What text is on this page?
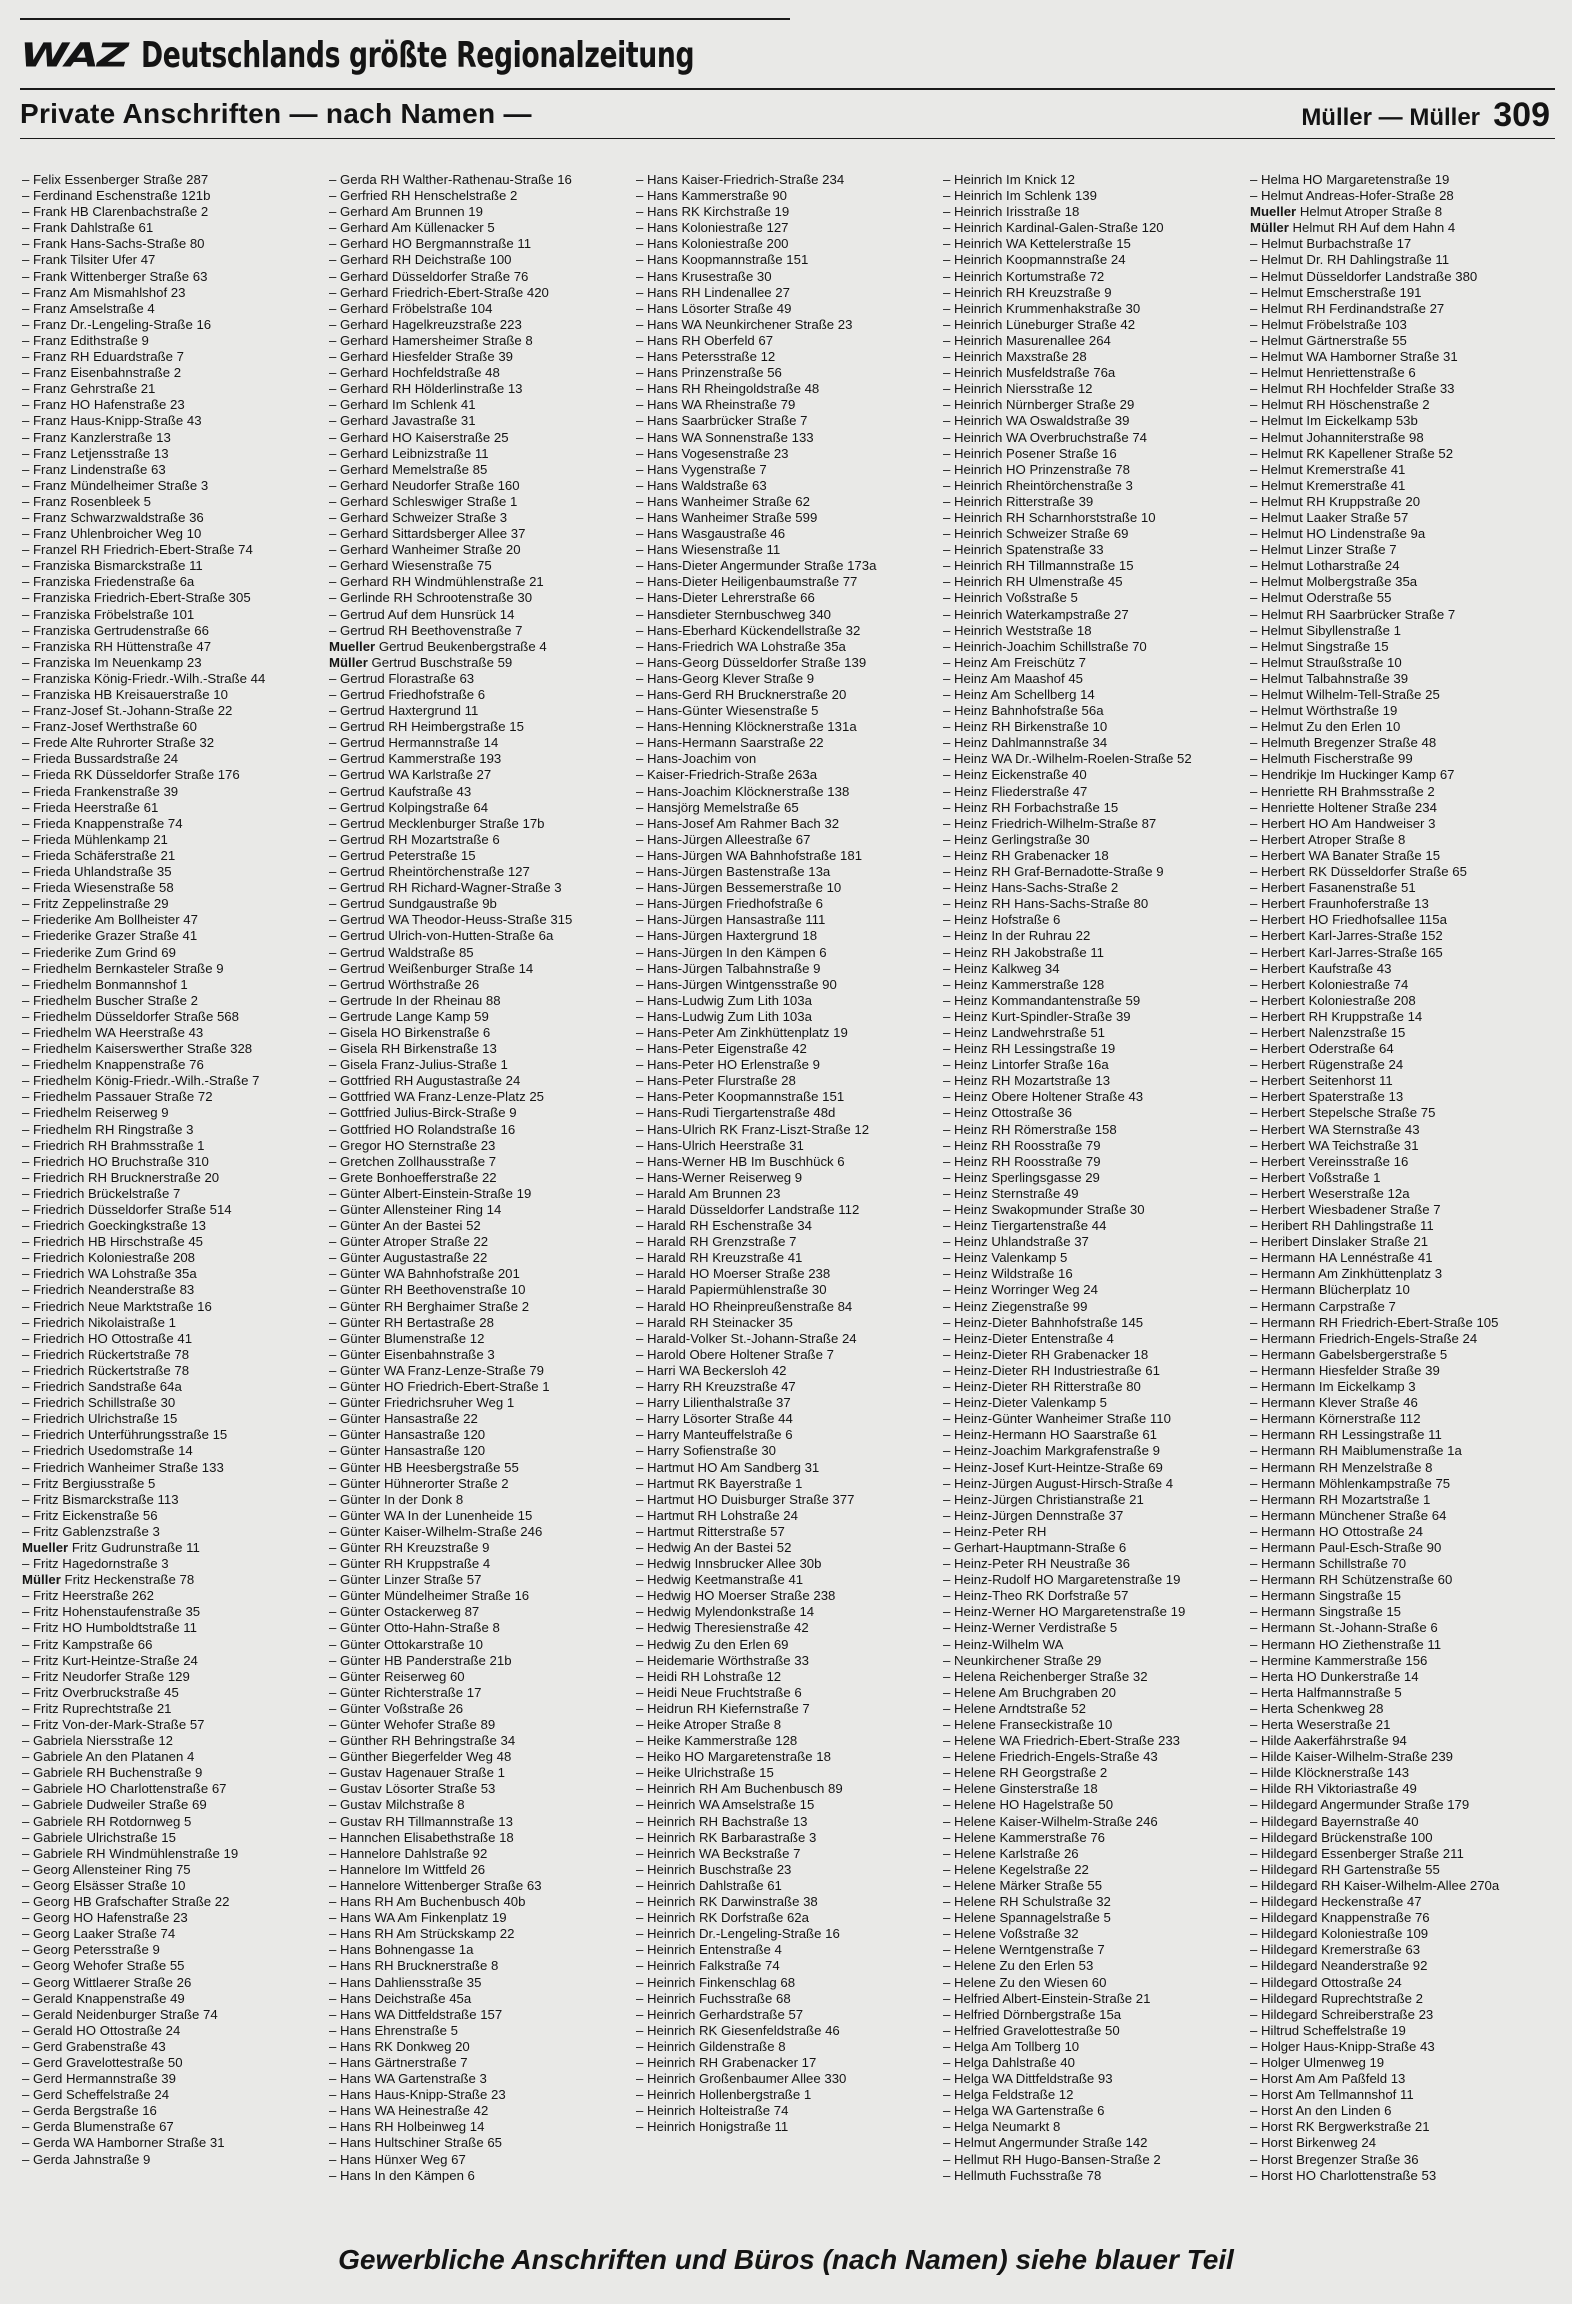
WAZ Deutschlands größte Regionalzeitung
Private Anschriften — nach Namen —	Müller — Müller 309
– Felix Essenberger Straße 287
– Ferdinand Eschenstraße 121b
– Frank HB Clarenbachstraße 2
– Frank Dahlstraße 61
– Frank Hans-Sachs-Straße 80
– Frank Tilsiter Ufer 47
– Frank Wittenberger Straße 63
– Franz Am Mismahlshof 23
– Franz Amselstraße 4
– Franz Dr.-Lengeling-Straße 16
– Franz Edithstraße 9
– Franz RH Eduardstraße 7
– Franz Eisenbahnstraße 2
– Franz Gehrstraße 21
– Franz HO Hafenstraße 23
– Franz Haus-Knipp-Straße 43
– Franz Kanzlerstraße 13
– Franz Letjensstraße 13
– Franz Lindenstraße 63
– Franz Mündelheimer Straße 3
– Franz Rosenbleek 5
– Franz Schwarzwaldstraße 36
– Franz Uhlenbroicher Weg 10
– Franzel RH Friedrich-Ebert-Straße 74
– Franziska Bismarckstraße 11
– Franziska Friedenstraße 6a
– Franziska Friedrich-Ebert-Straße 305
– Franziska Fröbelstraße 101
– Franziska Gertrudenstraße 66
– Franziska RH Hüttenstraße 47
– Franziska Im Neuenkamp 23
– Franziska König-Friedr.-Wilh.-Straße 44
– Franziska HB Kreisauerstraße 10
– Franz-Josef St.-Johann-Straße 22
– Franz-Josef Werthstraße 60
– Frede Alte Ruhrorter Straße 32
– Frieda Bussardstraße 24
– Frieda RK Düsseldorfer Straße 176
– Frieda Frankenstraße 39
– Frieda Heerstraße 61
– Frieda Knappenstraße 74
– Frieda Mühlenkamp 21
– Frieda Schäferstraße 21
– Frieda Uhlandstraße 35
– Frieda Wiesenstraße 58
– Fritz Zeppelinstraße 29
– Friederike Am Bollheister 47
– Friederike Grazer Straße 41
– Friederike Zum Grind 69
– Friedhelm Bernkasteler Straße 9
– Friedhelm Bonmannshof 1
– Friedhelm Buscher Straße 2
– Friedhelm Düsseldorfer Straße 568
– Friedhelm WA Heerstraße 43
– Friedhelm Kaiserswerther Straße 328
– Friedhelm Knappenstraße 76
– Friedhelm König-Friedr.-Wilh.-Straße 7
– Friedhelm Passauer Straße 72
– Friedhelm Reiserweg 9
– Friedhelm RH Ringstraße 3
– Friedrich RH Brahmsstraße 1
– Friedrich HO Bruchstraße 310
– Friedrich RH Brucknerstraße 20
– Friedrich Brückelstraße 7
– Friedrich Düsseldorfer Straße 514
– Friedrich Goeckingkstraße 13
– Friedrich HB Hirschstraße 45
– Friedrich Koloniestraße 208
– Friedrich WA Lohstraße 35a
– Friedrich Neanderstraße 83
– Friedrich Neue Marktstraße 16
– Friedrich Nikolaistraße 1
– Friedrich HO Ottostraße 41
– Friedrich Rückertstraße 78
– Friedrich Rückertstraße 78
– Friedrich Sandstraße 64a
– Friedrich Schillstraße 30
– Friedrich Ulrichstraße 15
– Friedrich Unterführungsstraße 15
– Friedrich Usedomstraße 14
– Friedrich Wanheimer Straße 133
– Fritz Bergiusstraße 5
– Fritz Bismarckstraße 113
– Fritz Eickenstraße 56
– Fritz Gablenzstraße 3
Mueller Fritz Gudrunstraße 11
– Fritz Hagedornstraße 3
Müller Fritz Heckenstraße 78
– Fritz Heerstraße 262
– Fritz Hohenstaufenstraße 35
– Fritz HO Humboldtstraße 11
– Fritz Kampstraße 66
– Fritz Kurt-Heintze-Straße 24
– Fritz Neudorfer Straße 129
– Fritz Overbruckstraße 45
– Fritz Ruprechtstraße 21
– Fritz Von-der-Mark-Straße 57
– Gabriela Niersstraße 12
– Gabriele An den Platanen 4
– Gabriele RH Buchenstraße 9
– Gabriele HO Charlottenstraße 67
– Gabriele Dudweiler Straße 69
– Gabriele RH Rotdornweg 5
– Gabriele Ulrichstraße 15
– Gabriele RH Windmühlenstraße 19
– Georg Allensteiner Ring 75
– Georg Elsässer Straße 10
– Georg HB Grafschafter Straße 22
– Georg HO Hafenstraße 23
– Georg Laaker Straße 74
– Georg Petersstraße 9
– Georg Wehofer Straße 55
– Georg Wittlaerer Straße 26
– Gerald Knappenstraße 49
– Gerald Neidenburger Straße 74
– Gerald HO Ottostraße 24
– Gerd Grabenstraße 43
– Gerd Gravelottestraße 50
– Gerd Hermannstraße 39
– Gerd Scheffelstraße 24
– Gerda Bergstraße 16
– Gerda Blumenstraße 67
– Gerda WA Hamborner Straße 31
– Gerda Jahnstraße 9
– Gerda RH Walther-Rathenau-Straße 16
– Gerfried RH Henschelstraße 2
– Gerhard Am Brunnen 19
– Gerhard Am Küllenacker 5
– Gerhard HO Bergmannstraße 11
– Gerhard RH Deichstraße 100
– Gerhard Düsseldorfer Straße 76
– Gerhard Friedrich-Ebert-Straße 420
– Gerhard Fröbelstraße 104
– Gerhard Hagelkreuzstraße 223
– Gerhard Hamersheimer Straße 8
– Gerhard Hiesfelder Straße 39
– Gerhard Hochfeldstraße 48
– Gerhard RH Hölderlinstraße 13
– Gerhard Im Schlenk 41
– Gerhard Javastraße 31
– Gerhard HO Kaiserstraße 25
– Gerhard Leibnizstraße 11
– Gerhard Memelstraße 85
– Gerhard Neudorfer Straße 160
– Gerhard Schleswiger Straße 1
– Gerhard Schweizer Straße 3
– Gerhard Sittardsberger Allee 37
– Gerhard Wanheimer Straße 20
– Gerhard Wiesenstraße 75
– Gerhard RH Windmühlenstraße 21
– Gerlinde RH Schrootenstraße 30
– Gertrud Auf dem Hunsrück 14
– Gertrud RH Beethovenstraße 7
Mueller Gertrud Beukenbergstraße 4
Müller Gertrud Buschstraße 59
– Gertrud Florastraße 63
– Gertrud Friedhofstraße 6
– Gertrud Haxtergrund 11
– Gertrud RH Heimbergstraße 15
– Gertrud Hermannstraße 14
– Gertrud Kammerstraße 193
– Gertrud WA Karlstraße 27
– Gertrud Kaufstraße 43
– Gertrud Kolpingstraße 64
– Gertrud Mecklenburger Straße 17b
– Gertrud RH Mozartstraße 6
– Gertrud Peterstraße 15
– Gertrud Rheintörchenstraße 127
– Gertrud RH Richard-Wagner-Straße 3
– Gertrud Sundgaustraße 9b
– Gertrud WA Theodor-Heuss-Straße 315
– Gertrud Ulrich-von-Hutten-Straße 6a
– Gertrud Waldstraße 85
– Gertrud Weißenburger Straße 14
– Gertrud Wörthstraße 26
– Gertrude In der Rheinau 88
– Gertrude Lange Kamp 59
– Gisela HO Birkenstraße 6
– Gisela RH Birkenstraße 13
– Gisela Franz-Julius-Straße 1
– Gottfried RH Augustastraße 24
– Gottfried WA Franz-Lenze-Platz 25
– Gottfried Julius-Birck-Straße 9
– Gottfried HO Rolandstraße 16
– Gregor HO Sternstraße 23
– Gretchen Zollhausstraße 7
– Grete Bonhoefferstraße 22
– Günter Albert-Einstein-Straße 19
– Günter Allensteiner Ring 14
– Günter An der Bastei 52
– Günter Atroper Straße 22
– Günter Augustastraße 22
– Günter WA Bahnhofstraße 201
– Günter RH Beethovenstraße 10
– Günter RH Berghaimer Straße 2
– Günter RH Bertastraße 28
– Günter Blumenstraße 12
– Günter Eisenbahnstraße 3
– Günter WA Franz-Lenze-Straße 79
– Günter HO Friedrich-Ebert-Straße 1
– Günter Friedrichsruher Weg 1
– Günter Hansastraße 22
– Günter Hansastraße 120
– Günter Hansastraße 120
– Günter HB Heesbergstraße 55
– Günter Hühnerorter Straße 2
– Günter In der Donk 8
– Günter WA In der Lunenheide 15
– Günter Kaiser-Wilhelm-Straße 246
– Günter RH Kreuzstraße 9
– Günter RH Kruppstraße 4
– Günter Linzer Straße 57
– Günter Mündelheimer Straße 16
– Günter Ostackerweg 87
– Günter Otto-Hahn-Straße 8
– Günter Ottokarstraße 10
– Günter HB Panderstraße 21b
– Günter Reiserweg 60
– Günter Richterstraße 17
– Günter Voßstraße 26
– Günter Wehofer Straße 89
– Günther RH Behringstraße 34
– Günther Biegerfelder Weg 48
– Gustav Hagenauer Straße 1
– Gustav Lösorter Straße 53
– Gustav Milchstraße 8
– Gustav RH Tillmannstraße 13
– Hannchen Elisabethstraße 18
– Hannelore Dahlstraße 92
– Hannelore Im Wittfeld 26
– Hannelore Wittenberger Straße 63
– Hans RH Am Buchenbusch 40b
– Hans WA Am Finkenplatz 19
– Hans RH Am Strückskamp 22
– Hans Bohnengasse 1a
– Hans RH Brucknerstraße 8
– Hans Dahliensstraße 35
– Hans Deichstraße 45a
– Hans WA Dittfeldstraße 157
– Hans Ehrenstraße 5
– Hans RK Donkweg 20
– Hans Gärtnerstraße 7
– Hans WA Gartenstraße 3
– Hans Haus-Knipp-Straße 23
– Hans WA Heinestraße 42
– Hans RH Holbeinweg 14
– Hans Hultschiner Straße 65
– Hans Hünxer Weg 67
– Hans In den Kämpen 6
– Hans Kaiser-Friedrich-Straße 234
– Hans Kammerstraße 90
– Hans RK Kirchstraße 19
– Hans Koloniestraße 127
– Hans Koloniestraße 200
– Hans Koopmannstraße 151
– Hans Krusestraße 30
– Hans RH Lindenallee 27
– Hans Lösorter Straße 49
– Hans WA Neunkirchener Straße 23
– Hans RH Oberfeld 67
– Hans Petersstraße 12
– Hans Prinzenstraße 56
– Hans RH Rheingoldstraße 48
– Hans WA Rheinstraße 79
– Hans Saarbrücker Straße 7
– Hans WA Sonnenstraße 133
– Hans Vogesenstraße 23
– Hans Vygenstraße 7
– Hans Waldstraße 63
– Hans Wanheimer Straße 62
– Hans Wanheimer Straße 599
– Hans Wasgaustraße 46
– Hans Wiesenstraße 11
– Hans-Dieter Angermunder Straße 173a
– Hans-Dieter Heiligenbaumstraße 77
– Hans-Dieter Lehrerstraße 66
– Hansdieter Sternbuschweg 340
– Hans-Eberhard Kückendellstraße 32
– Hans-Friedrich WA Lohstraße 35a
– Hans-Georg Düsseldorfer Straße 139
– Hans-Georg Klever Straße 9
– Hans-Gerd RH Brucknerstraße 20
– Hans-Günter Wiesenstraße 5
– Hans-Henning Klöcknerstraße 131a
– Hans-Hermann Saarstraße 22
– Hans-Joachim von
– Kaiser-Friedrich-Straße 263a
– Hans-Joachim Klöcknerstraße 138
– Hansjörg Memelstraße 65
– Hans-Josef Am Rahmer Bach 32
– Hans-Jürgen Alleestraße 67
– Hans-Jürgen WA Bahnhofstraße 181
– Hans-Jürgen Bastenstraße 13a
– Hans-Jürgen Bessemerstraße 10
– Hans-Jürgen Friedhofstraße 6
– Hans-Jürgen Hansastraße 111
– Hans-Jürgen Haxtergrund 18
– Hans-Jürgen In den Kämpen 6
– Hans-Jürgen Talbahnstraße 9
– Hans-Jürgen Wintgensstraße 90
– Hans-Ludwig Zum Lith 103a
– Hans-Ludwig Zum Lith 103a
– Hans-Peter Am Zinkhüttenplatz 19
– Hans-Peter Eigenstraße 42
– Hans-Peter HO Erlenstraße 9
– Hans-Peter Flurstraße 28
– Hans-Peter Koopmannstraße 151
– Hans-Rudi Tiergartenstraße 48d
– Hans-Ulrich RK Franz-Liszt-Straße 12
– Hans-Ulrich Heerstraße 31
– Hans-Werner HB Im Buschhück 6
– Hans-Werner Reiserweg 9
– Harald Am Brunnen 23
– Harald Düsseldorfer Landstraße 112
– Harald RH Eschenstraße 34
– Harald RH Grenzstraße 7
– Harald RH Kreuzstraße 41
– Harald HO Moerser Straße 238
– Harald Papiermühlenstraße 30
– Harald HO Rheinpreußenstraße 84
– Harald RH Steinacker 35
– Harald-Volker St.-Johann-Straße 24
– Harold Obere Holtener Straße 7
– Harri WA Beckersloh 42
– Harry RH Kreuzstraße 47
– Harry Lilienthalstraße 37
– Harry Lösorter Straße 44
– Harry Manteuffelstraße 6
– Harry Sofienstraße 30
– Hartmut HO Am Sandberg 31
– Hartmut RK Bayerstraße 1
– Hartmut HO Duisburger Straße 377
– Hartmut RH Lohstraße 24
– Hartmut Ritterstraße 57
– Hedwig An der Bastei 52
– Hedwig Innsbrucker Allee 30b
– Hedwig Keetmanstraße 41
– Hedwig HO Moerser Straße 238
– Hedwig Mylendonkstraße 14
– Hedwig Theresienstraße 42
– Hedwig Zu den Erlen 69
– Heidemarie Wörthstraße 33
– Heidi RH Lohstraße 12
– Heidi Neue Fruchtstraße 6
– Heidrun RH Kiefernstraße 7
– Heike Atroper Straße 8
– Heike Kammerstraße 128
– Heiko HO Margaretenstraße 18
– Heike Ulrichstraße 15
– Heinrich RH Am Buchenbusch 89
– Heinrich WA Amselstraße 15
– Heinrich RH Bachstraße 13
– Heinrich RK Barbarastraße 3
– Heinrich WA Beckstraße 7
– Heinrich Buschstraße 23
– Heinrich Dahlstraße 61
– Heinrich RK Darwinstraße 38
– Heinrich RK Dorfstraße 62a
– Heinrich Dr.-Lengeling-Straße 16
– Heinrich Entenstraße 4
– Heinrich Falkstraße 74
– Heinrich Finkenschlag 68
– Heinrich Fuchsstraße 68
– Heinrich Gerhardstraße 57
– Heinrich RK Giesenfeldstraße 46
– Heinrich Gildenstraße 8
– Heinrich RH Grabenacker 17
– Heinrich Großenbaumer Allee 330
– Heinrich Hollenbergstraße 1
– Heinrich Holteistraße 74
– Heinrich Honigstraße 11
– Heinrich Im Knick 12
– Heinrich Im Schlenk 139
– Heinrich Irisstraße 18
– Heinrich Kardinal-Galen-Straße 120
– Heinrich WA Kettelerstraße 15
– Heinrich Koopmannstraße 24
– Heinrich Kortumstraße 72
– Heinrich RH Kreuzstraße 9
– Heinrich Krummenhakstraße 30
– Heinrich Lüneburger Straße 42
– Heinrich Masurenallee 264
– Heinrich Maxstraße 28
– Heinrich Musfeldstraße 76a
– Heinrich Niersstraße 12
– Heinrich Nürnberger Straße 29
– Heinrich WA Oswaldstraße 39
– Heinrich WA Overbruchstraße 74
– Heinrich Posener Straße 16
– Heinrich HO Prinzenstraße 78
– Heinrich Rheintörchenstraße 3
– Heinrich Ritterstraße 39
– Heinrich RH Scharnhorststraße 10
– Heinrich Schweizer Straße 69
– Heinrich Spatenstraße 33
– Heinrich RH Tillmannstraße 15
– Heinrich RH Ulmenstraße 45
– Heinrich Voßstraße 5
– Heinrich Waterkampstraße 27
– Heinrich Weststraße 18
– Heinrich-Joachim Schillstraße 70
– Heinz Am Freischütz 7
– Heinz Am Maashof 45
– Heinz Am Schellberg 14
– Heinz Bahnhofstraße 56a
– Heinz RH Birkenstraße 10
– Heinz Dahlmannstraße 34
– Heinz WA Dr.-Wilhelm-Roelen-Straße 52
– Heinz Eickenstraße 40
– Heinz Fliederstraße 47
– Heinz RH Forbachstraße 15
– Heinz Friedrich-Wilhelm-Straße 87
– Heinz Gerlingstraße 30
– Heinz RH Grabenacker 18
– Heinz RH Graf-Bernadotte-Straße 9
– Heinz Hans-Sachs-Straße 2
– Heinz RH Hans-Sachs-Straße 80
– Heinz Hofstraße 6
– Heinz In der Ruhrau 22
– Heinz RH Jakobstraße 11
– Heinz Kalkweg 34
– Heinz Kammerstraße 128
– Heinz Kommandantenstraße 59
– Heinz Kurt-Spindler-Straße 39
– Heinz Landwehrstraße 51
– Heinz RH Lessingstraße 19
– Heinz Lintorfer Straße 16a
– Heinz RH Mozartstraße 13
– Heinz Obere Holtener Straße 43
– Heinz Ottostraße 36
– Heinz RH Römerstraße 158
– Heinz RH Roosstraße 79
– Heinz RH Roosstraße 79
– Heinz Sperlingsgasse 29
– Heinz Sternstraße 49
– Heinz Swakopmunder Straße 30
– Heinz Tiergartenstraße 44
– Heinz Uhlandstraße 37
– Heinz Valenkamp 5
– Heinz Wildstraße 16
– Heinz Worringer Weg 24
– Heinz Ziegenstraße 99
– Heinz-Dieter Bahnhofstraße 145
– Heinz-Dieter Entenstraße 4
– Heinz-Dieter RH Grabenacker 18
– Heinz-Dieter RH Industriestraße 61
– Heinz-Dieter RH Ritterstraße 80
– Heinz-Dieter Valenkamp 5
– Heinz-Günter Wanheimer Straße 110
– Heinz-Hermann HO Saarstraße 61
– Heinz-Joachim Markgrafenstraße 9
– Heinz-Josef Kurt-Heintze-Straße 69
– Heinz-Jürgen August-Hirsch-Straße 4
– Heinz-Jürgen Christianstraße 21
– Heinz-Jürgen Dennstraße 37
– Heinz-Peter RH
– Gerhart-Hauptmann-Straße 6
– Heinz-Peter RH Neustraße 36
– Heinz-Rudolf HO Margaretenstraße 19
– Heinz-Theo RK Dorfstraße 57
– Heinz-Werner HO Margaretenstraße 19
– Heinz-Werner Verdistraße 5
– Heinz-Wilhelm WA
– Neunkirchener Straße 29
– Helena Reichenberger Straße 32
– Helene Am Bruchgraben 20
– Helene Arndtstraße 52
– Helene Franseckistraße 10
– Helene WA Friedrich-Ebert-Straße 233
– Helene Friedrich-Engels-Straße 43
– Helene RH Georgstraße 2
– Helene Ginsterstraße 18
– Helene HO Hagelstraße 50
– Helene Kaiser-Wilhelm-Straße 246
– Helene Kammerstraße 76
– Helene Karlstraße 26
– Helene Kegelstraße 22
– Helene Märker Straße 55
– Helene RH Schulstraße 32
– Helene Spannagelstraße 5
– Helene Voßstraße 32
– Helene Werntgenstraße 7
– Helene Zu den Erlen 53
– Helene Zu den Wiesen 60
– Helfried Albert-Einstein-Straße 21
– Helfried Dörnbergstraße 15a
– Helfried Gravelottestraße 50
– Helga Am Tollberg 10
– Helga Dahlstraße 40
– Helga WA Dittfeldstraße 93
– Helga Feldstraße 12
– Helga WA Gartenstraße 6
– Helga Neumarkt 8
– Helmut Angermunder Straße 142
– Hellmut RH Hugo-Bansen-Straße 2
– Hellmuth Fuchsstraße 78
– Helma HO Margaretenstraße 19
– Helmut Andreas-Hofer-Straße 28
Mueller Helmut Atroper Straße 8
Müller Helmut RH Auf dem Hahn 4
– Helmut Burbachstraße 17
– Helmut Dr. RH Dahlingstraße 11
– Helmut Düsseldorfer Landstraße 380
– Helmut Emscherstraße 191
– Helmut RH Ferdinandstraße 27
– Helmut Fröbelstraße 103
– Helmut Gärtnerstraße 55
– Helmut WA Hamborner Straße 31
– Helmut Henriettenstraße 6
– Helmut RH Hochfelder Straße 33
– Helmut RH Höschenstraße 2
– Helmut Im Eickelkamp 53b
– Helmut Johanniterstraße 98
– Helmut RK Kapellener Straße 52
– Helmut Kremerstraße 41
– Helmut Kremerstraße 41
– Helmut RH Kruppstraße 20
– Helmut Laaker Straße 57
– Helmut HO Lindenstraße 9a
– Helmut Linzer Straße 7
– Helmut Lotharstraße 24
– Helmut Molbergstraße 35a
– Helmut Oderstraße 55
– Helmut RH Saarbrücker Straße 7
– Helmut Sibyllenstraße 1
– Helmut Singstraße 15
– Helmut Straußstraße 10
– Helmut Talbahnstraße 39
– Helmut Wilhelm-Tell-Straße 25
– Helmut Wörthstraße 19
– Helmut Zu den Erlen 10
– Helmuth Bregenzer Straße 48
– Helmuth Fischerstraße 99
– Hendrikje Im Huckinger Kamp 67
– Henriette RH Brahmsstraße 2
– Henriette Holtener Straße 234
– Herbert HO Am Handweiser 3
– Herbert Atroper Straße 8
– Herbert WA Banater Straße 15
– Herbert RK Düsseldorfer Straße 65
– Herbert Fasanenstraße 51
– Herbert Fraunhoferstraße 13
– Herbert HO Friedhofsallee 115a
– Herbert Karl-Jarres-Straße 152
– Herbert Karl-Jarres-Straße 165
– Herbert Kaufstraße 43
– Herbert Koloniestraße 74
– Herbert Koloniestraße 208
– Herbert RH Kruppstraße 14
– Herbert Nalenzstraße 15
– Herbert Oderstraße 64
– Herbert Rügenstraße 24
– Herbert Seitenhorst 11
– Herbert Spaterstraße 13
– Herbert Stepelsche Straße 75
– Herbert WA Sternstraße 43
– Herbert WA Teichstraße 31
– Herbert Vereinsstraße 16
– Herbert Voßstraße 1
– Herbert Weserstraße 12a
– Herbert Wiesbadener Straße 7
– Heribert RH Dahlingstraße 11
– Heribert Dinslaker Straße 21
– Hermann HA Lennéstraße 41
– Hermann Am Zinkhüttenplatz 3
– Hermann Blücherplatz 10
– Hermann Carpstraße 7
– Hermann RH Friedrich-Ebert-Straße 105
– Hermann Friedrich-Engels-Straße 24
– Hermann Gabelsbergerstraße 5
– Hermann Hiesfelder Straße 39
– Hermann Im Eickelkamp 3
– Hermann Klever Straße 46
– Hermann Körnerstraße 112
– Hermann RH Lessingstraße 11
– Hermann RH Maiblumenstraße 1a
– Hermann RH Menzelstraße 8
– Hermann Möhlenkampstraße 75
– Hermann RH Mozartstraße 1
– Hermann Münchener Straße 64
– Hermann HO Ottostraße 24
– Hermann Paul-Esch-Straße 90
– Hermann Schillstraße 70
– Hermann RH Schützenstraße 60
– Hermann Singstraße 15
– Hermann Singstraße 15
– Hermann St.-Johann-Straße 6
– Hermann HO Ziethenstraße 11
– Hermine Kammerstraße 156
– Herta HO Dunkerstraße 14
– Herta Halfmannstraße 5
– Herta Schenkweg 28
– Herta Weserstraße 21
– Hilde Aakerfährstraße 94
– Hilde Kaiser-Wilhelm-Straße 239
– Hilde Klöcknerstraße 143
– Hilde RH Viktoriastraße 49
– Hildegard Angermunder Straße 179
– Hildegard Bayernstraße 40
– Hildegard Brückenstraße 100
– Hildegard Essenberger Straße 211
– Hildegard RH Gartenstraße 55
– Hildegard RH Kaiser-Wilhelm-Allee 270a
– Hildegard Heckenstraße 47
– Hildegard Knappenstraße 76
– Hildegard Koloniestraße 109
– Hildegard Kremerstraße 63
– Hildegard Neanderstraße 92
– Hildegard Ottostraße 24
– Hildegard Ruprechtstraße 2
– Hildegard Schreiberstraße 23
– Hiltrud Scheffelstraße 19
– Holger Haus-Knipp-Straße 43
– Holger Ulmenweg 19
– Horst Am Am Paßfeld 13
– Horst Am Tellmannshof 11
– Horst An den Linden 6
– Horst RK Bergwerkstraße 21
– Horst Birkenweg 24
– Horst Bregenzer Straße 36
– Horst HO Charlottenstraße 53
Gewerbliche Anschriften und Büros (nach Namen) siehe blauer Teil
